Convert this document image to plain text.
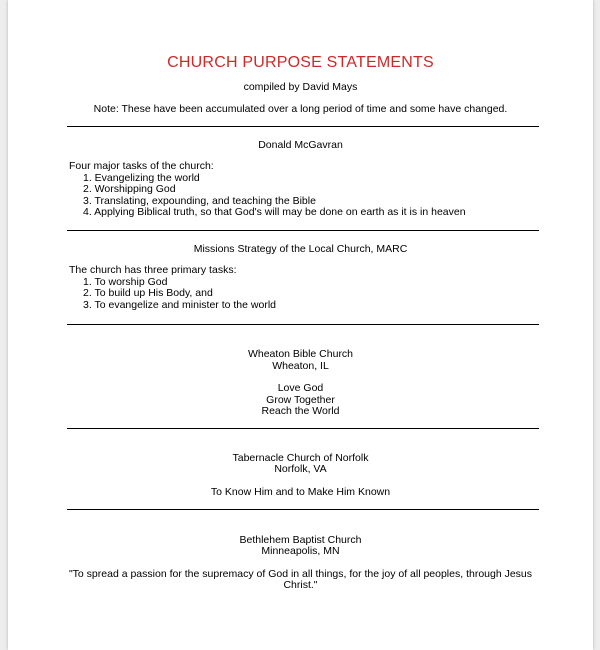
CHURCH PURPOSE STATEMENTS
compiled by David Mays
Note: These have been accumulated over a long period of time and some have changed.
Donald McGavran
Four major tasks of the church:
1. Evangelizing the world
2. Worshipping God
3. Translating, expounding, and teaching the Bible
4. Applying Biblical truth, so that God's will may be done on earth as it is in heaven
Missions Strategy of the Local Church, MARC
The church has three primary tasks:
1. To worship God
2. To build up His Body, and
3. To evangelize and minister to the world
Wheaton Bible Church
Wheaton, IL
Love God
Grow Together
Reach the World
Tabernacle Church of Norfolk
Norfolk, VA
To Know Him and to Make Him Known
Bethlehem Baptist Church
Minneapolis, MN
"To spread a passion for the supremacy of God in all things, for the joy of all peoples, through Jesus
Christ."
